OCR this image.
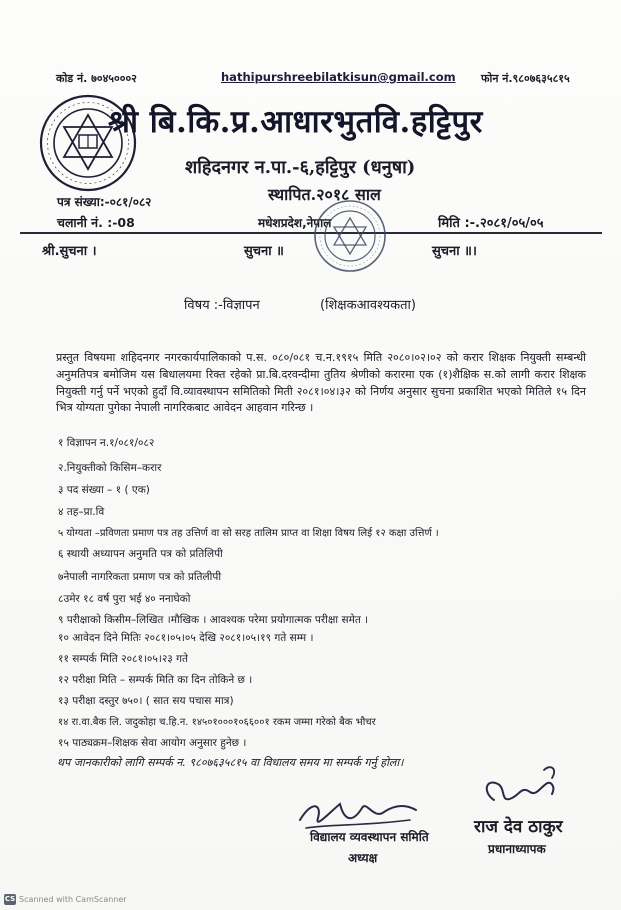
कोड नं. ७०४५०००२	hathipurshreebilatkisun@gmail.com फोन नं.९८०७६३५८१५
श्री बि.कि.प्र.आधारभुतवि.हट्टिपुर
शहिदनगर न.पा.-६,हट्टिपुर (धनुषा)
स्थापित.२०१८ साल
पत्र संख्या:-०८१/०८२
चलानी नं. :-08	मधेशप्रदेश,नेपाल	मिति :-.२०८१/०५/०५
श्री.सुचना ।	सुचना ॥	सुचना ॥।
विषय :-विज्ञापन	(शिक्षकआवश्यकता)
प्रस्तुत विषयमा शहिदनगर नगरकार्यपालिकाको प.स. ०८०/०८१ च.न.१९१५ मिति २०८०।०२।०२ को करार शिक्षक नियुक्ती सम्बन्धी अनुमतिपत्र बमोजिम यस बिधालयमा रिक्त रहेको प्रा.बि.दरवन्दीमा तुतिय श्रेणीको करारमा एक (१)शैक्षिक स.को लागी करार शिक्षक नियुक्ती गर्नु पर्ने भएको हुदाँ वि.व्यावस्थापन समितिको मिती २०८१।०४।३२ को निर्णय अनुसार सुचना प्रकाशित भएको मितिले १५ दिन भित्र योग्यता पुगेका नेपाली नागरिकबाट आवेदन आहवान गरिन्छ ।
१ विज्ञापन न.१/०८१/०८२
२.नियुक्तीको किसिम–करार
३ पद संख्या – १ ( एक)
४ तह–प्रा.वि
५ योग्यता –प्रविणता प्रमाण पत्र तह उत्तिर्ण वा सो सरह तालिम प्राप्त वा शिक्षा विषय लिई १२ कक्षा उत्तिर्ण ।
६ स्थायी अध्यापन अनुमति पत्र को प्रतिलिपी
७नेपाली नागरिकता प्रमाण पत्र को प्रतिलीपी
८उमेर १८ वर्ष पुरा भई ४० ननाघेको
९ परीक्षाको किसीम–लिखित ।मौखिक । आवश्यक परेमा प्रयोगात्मक परीक्षा समेत ।
१० आवेदन दिने मितिः २०८१।०५।०५ देखि २०८१।०५।१९ गते सम्म ।
११ सम्पर्क मिति २०८१।०५।२३ गते
१२ परीक्षा मिति – सम्पर्क मिति का दिन तोकिने छ ।
१३ परीक्षा दस्तुर ७५०। ( सात सय पचास मात्र)
१४ रा.वा.बैक लि. जदुकोहा च.हि.न. १४५०१०००१०६६००१ रकम जम्मा गरेको बैक भौचर
१५ पाठ्यक्रम–शिक्षक सेवा आयोग अनुसार हुनेछ ।
थप जानकारीको लागि सम्पर्क न. ९८०७६३५८१५ वा विधालय समय मा सम्पर्क गर्नु होला।
विद्यालय व्यवस्थापन समिति
अध्यक्ष
राज देव ठाकुर
प्रधानाध्यापक
CS Scanned with CamScanner
